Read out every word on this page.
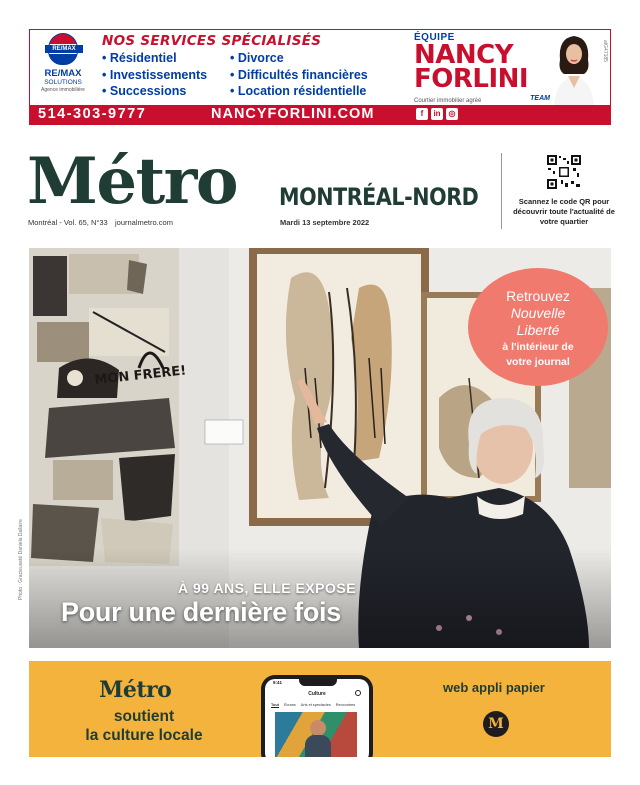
RE/MAX
RE/MAX
SOLUTIONS
Agence immobilière
NOS SERVICES SPÉCIALISÉS
• Résidentiel	• Divorce
• Investissements	• Difficultés financières
• Successions	• Location résidentielle
ÉQUIPE
NANCY
FORLINI
Courtier immobilier agréé	TEAM
aIG47185
514-303-9777	NANCYFORLINI.COM	f	in ◎
Métro MONTRÉAL-NORD
Montréal - Vol. 65, N°33 journalmetro.com	Mardi 13 septembre 2022
Scannez le code QR pour découvrir toute l'actualité de votre quartier
MON FRERE!
Retrouvez
Nouvelle
Liberté
à l'intérieur de
votre journal
À 99 ANS, ELLE EXPOSE
Pour une dernière fois
Photo : Gracieuseté Daniela Dallaire
Métro
soutient
la culture locale
9:41
Culture
Tout Écrans Arts et spectacles Rencontres
web appli papier
M
